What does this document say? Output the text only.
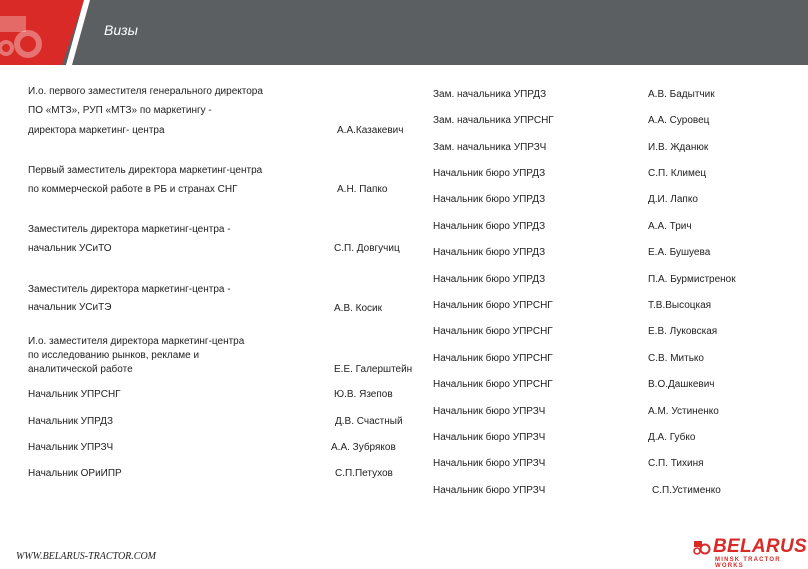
Визы
И.о. первого заместителя генерального директора
ПО «МТЗ», РУП «МТЗ» по маркетингу -
директора маркетинг- центра	А.А.Казакевич
Первый заместитель директора маркетинг-центра
по коммерческой работе в РБ и странах СНГ	А.Н. Папко
Заместитель директора маркетинг-центра -
начальник УСиТО	С.П. Довгучиц
Заместитель директора маркетинг-центра -
начальник УСиТЭ	А.В. Косик
И.о. заместителя директора маркетинг-центра
по исследованию рынков, рекламе и
аналитической работе	Е.Е. Галерштейн
Начальник УПРСНГ	Ю.В. Язепов
Начальник УПРДЗ	Д.В. Счастный
Начальник УПРЗЧ	А.А. Зубряков
Начальник ОРиИПР	С.П.Петухов
Зам. начальника УПРДЗ	А.В. Бадытчик
Зам. начальника УПРСНГ	А.А. Суровец
Зам. начальника УПРЗЧ	И.В. Жданюк
Начальник бюро УПРДЗ	С.П. Климец
Начальник бюро УПРДЗ	Д.И. Лапко
Начальник бюро УПРДЗ	А.А. Трич
Начальник бюро УПРДЗ	Е.А. Бушуева
Начальник бюро УПРДЗ	П.А. Бурмистренок
Начальник бюро УПРСНГ	Т.В.Высоцкая
Начальник бюро УПРСНГ	Е.В. Луковская
Начальник бюро УПРСНГ	С.В. Митько
Начальник бюро УПРСНГ	В.О.Дашкевич
Начальник бюро УПРЗЧ	А.М. Устиненко
Начальник бюро УПРЗЧ	Д.А. Губко
Начальник бюро УПРЗЧ	С.П. Тихиня
Начальник бюро УПРЗЧ	С.П.Устименко
WWW.BELARUS-TRACTOR.COM	BELARUS
MINSK TRACTOR WORKS
